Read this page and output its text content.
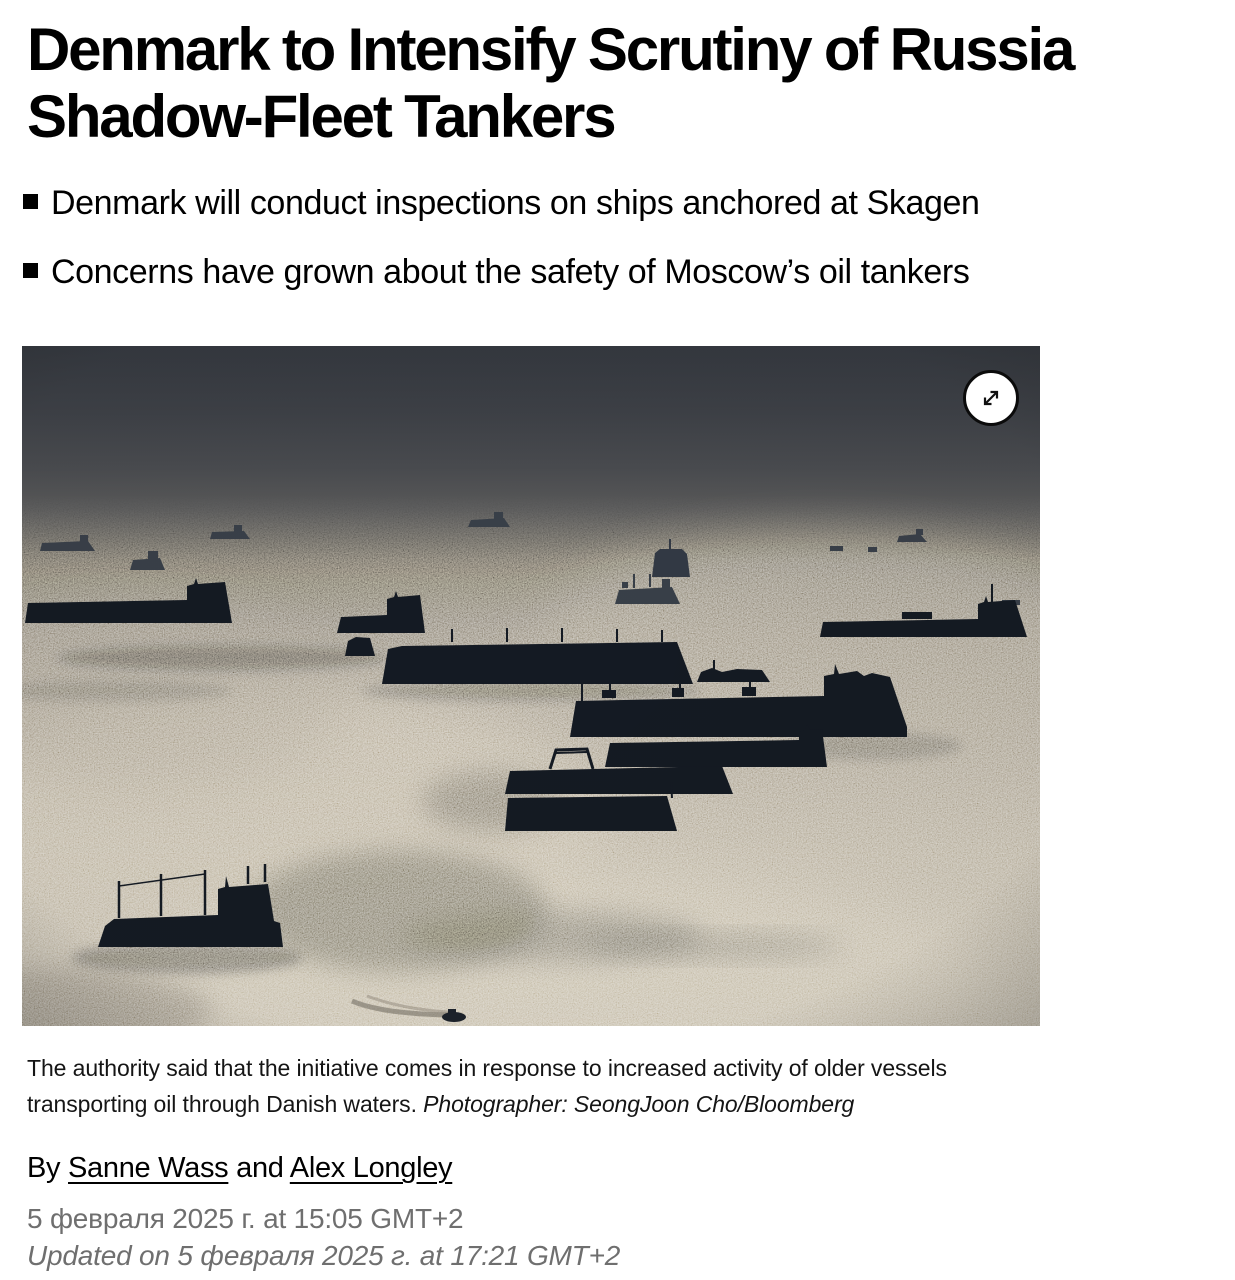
Denmark to Intensify Scrutiny of Russia Shadow-Fleet Tankers
Denmark will conduct inspections on ships anchored at Skagen
Concerns have grown about the safety of Moscow’s oil tankers

The authority said that the initiative comes in response to increased activity of older vessels transporting oil through Danish waters. Photographer: SeongJoon Cho/Bloomberg

By Sanne Wass and Alex Longley

5 февраля 2025 г. at 15:05 GMT+2

Updated on 5 февраля 2025 г. at 17:21 GMT+2
